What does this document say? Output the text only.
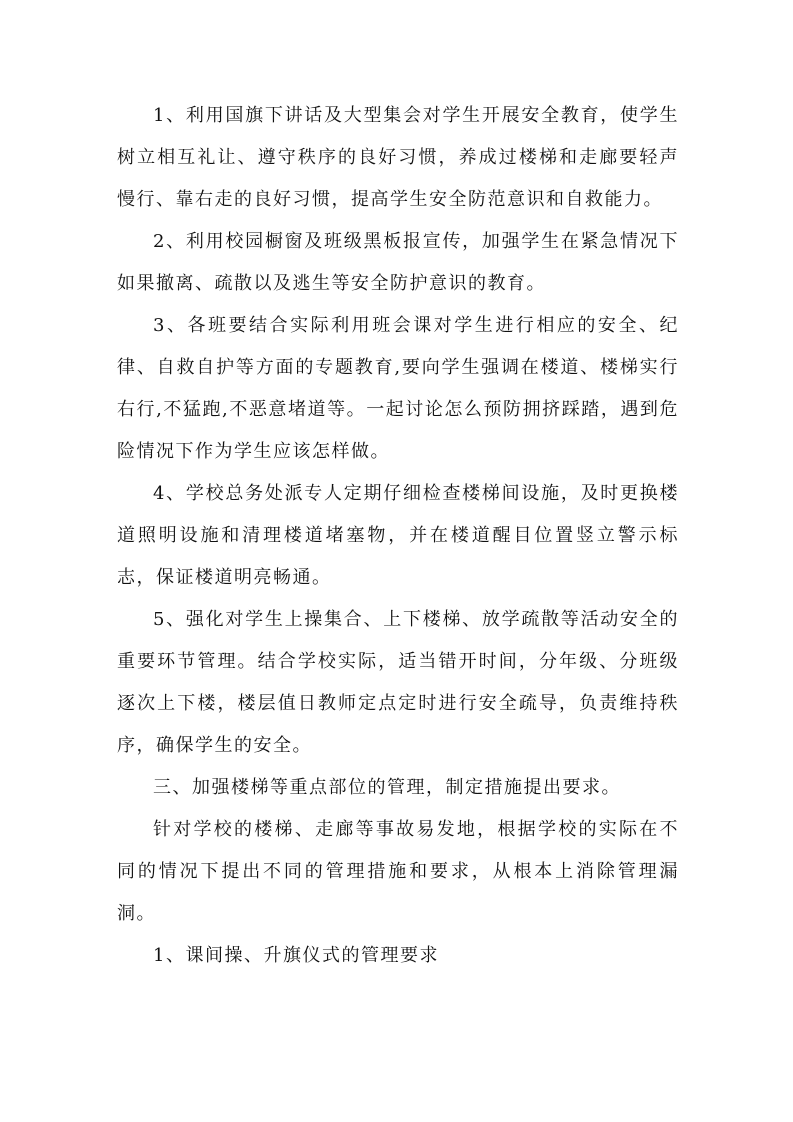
1、利用国旗下讲话及大型集会对学生开展安全教育，使学生树立相互礼让、遵守秩序的良好习惯，养成过楼梯和走廊要轻声慢行、靠右走的良好习惯，提高学生安全防范意识和自救能力。

2、利用校园橱窗及班级黑板报宣传，加强学生在紧急情况下如果撤离、疏散以及逃生等安全防护意识的教育。

3、各班要结合实际利用班会课对学生进行相应的安全、纪律、自救自护等方面的专题教育,要向学生强调在楼道、楼梯实行右行,不猛跑,不恶意堵道等。一起讨论怎么预防拥挤踩踏，遇到危险情况下作为学生应该怎样做。

4、学校总务处派专人定期仔细检查楼梯间设施，及时更换楼道照明设施和清理楼道堵塞物，并在楼道醒目位置竖立警示标志，保证楼道明亮畅通。

5、强化对学生上操集合、上下楼梯、放学疏散等活动安全的重要环节管理。结合学校实际，适当错开时间，分年级、分班级逐次上下楼，楼层值日教师定点定时进行安全疏导，负责维持秩序，确保学生的安全。

三、加强楼梯等重点部位的管理，制定措施提出要求。

针对学校的楼梯、走廊等事故易发地，根据学校的实际在不同的情况下提出不同的管理措施和要求，从根本上消除管理漏洞。

1、课间操、升旗仪式的管理要求
